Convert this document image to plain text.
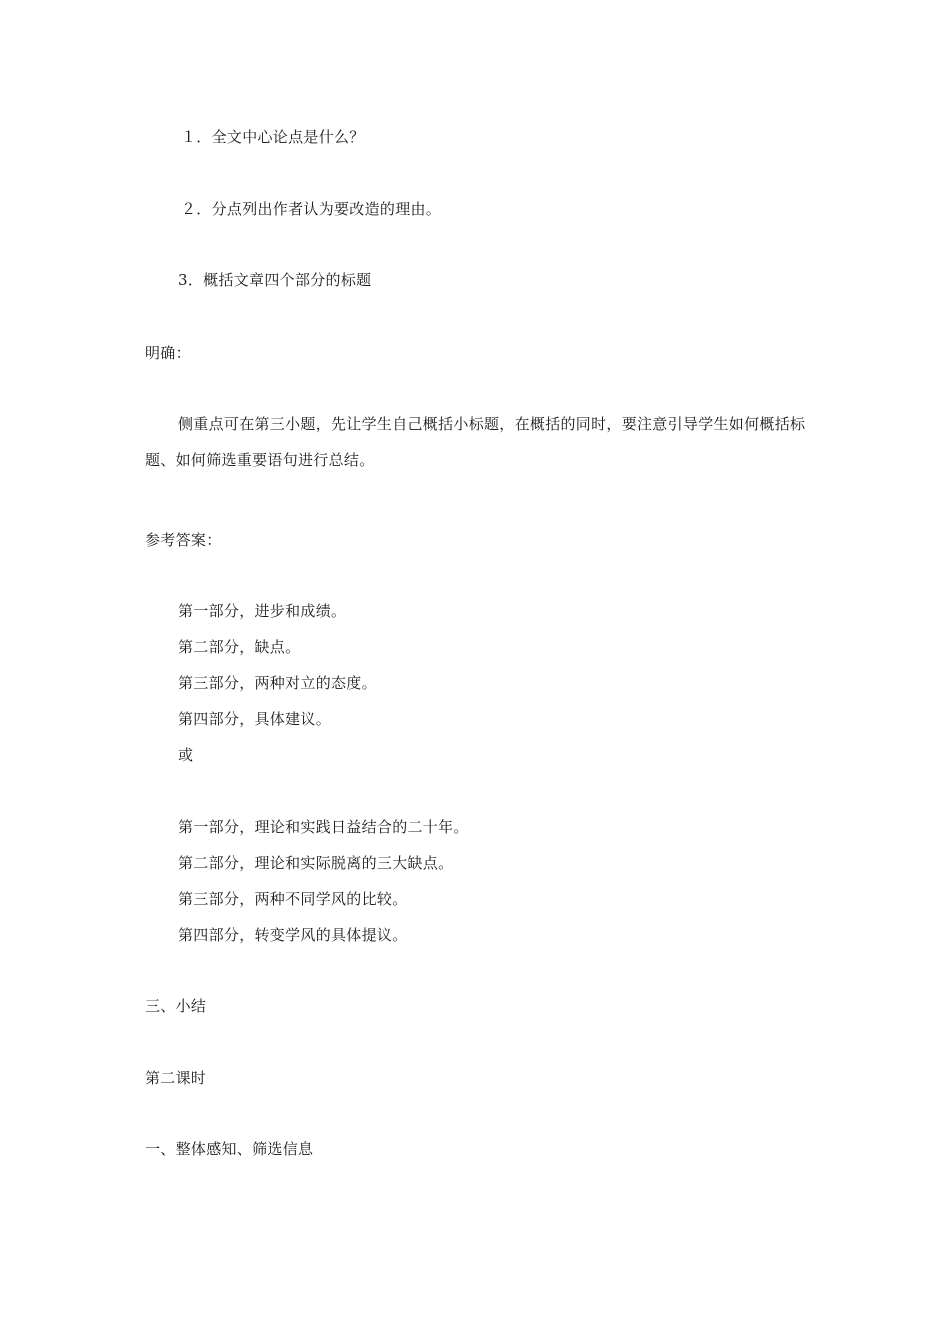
１．全文中心论点是什么？
２．分点列出作者认为要改造的理由。
3．概括文章四个部分的标题
明确：
侧重点可在第三小题，先让学生自己概括小标题，在概括的同时，要注意引导学生如何概括标题、如何筛选重要语句进行总结。
参考答案：
第一部分，进步和成绩。
第二部分，缺点。
第三部分，两种对立的态度。
第四部分，具体建议。
或
第一部分，理论和实践日益结合的二十年。
第二部分，理论和实际脱离的三大缺点。
第三部分，两种不同学风的比较。
第四部分，转变学风的具体提议。
三、小结
第二课时
一、整体感知、筛选信息
